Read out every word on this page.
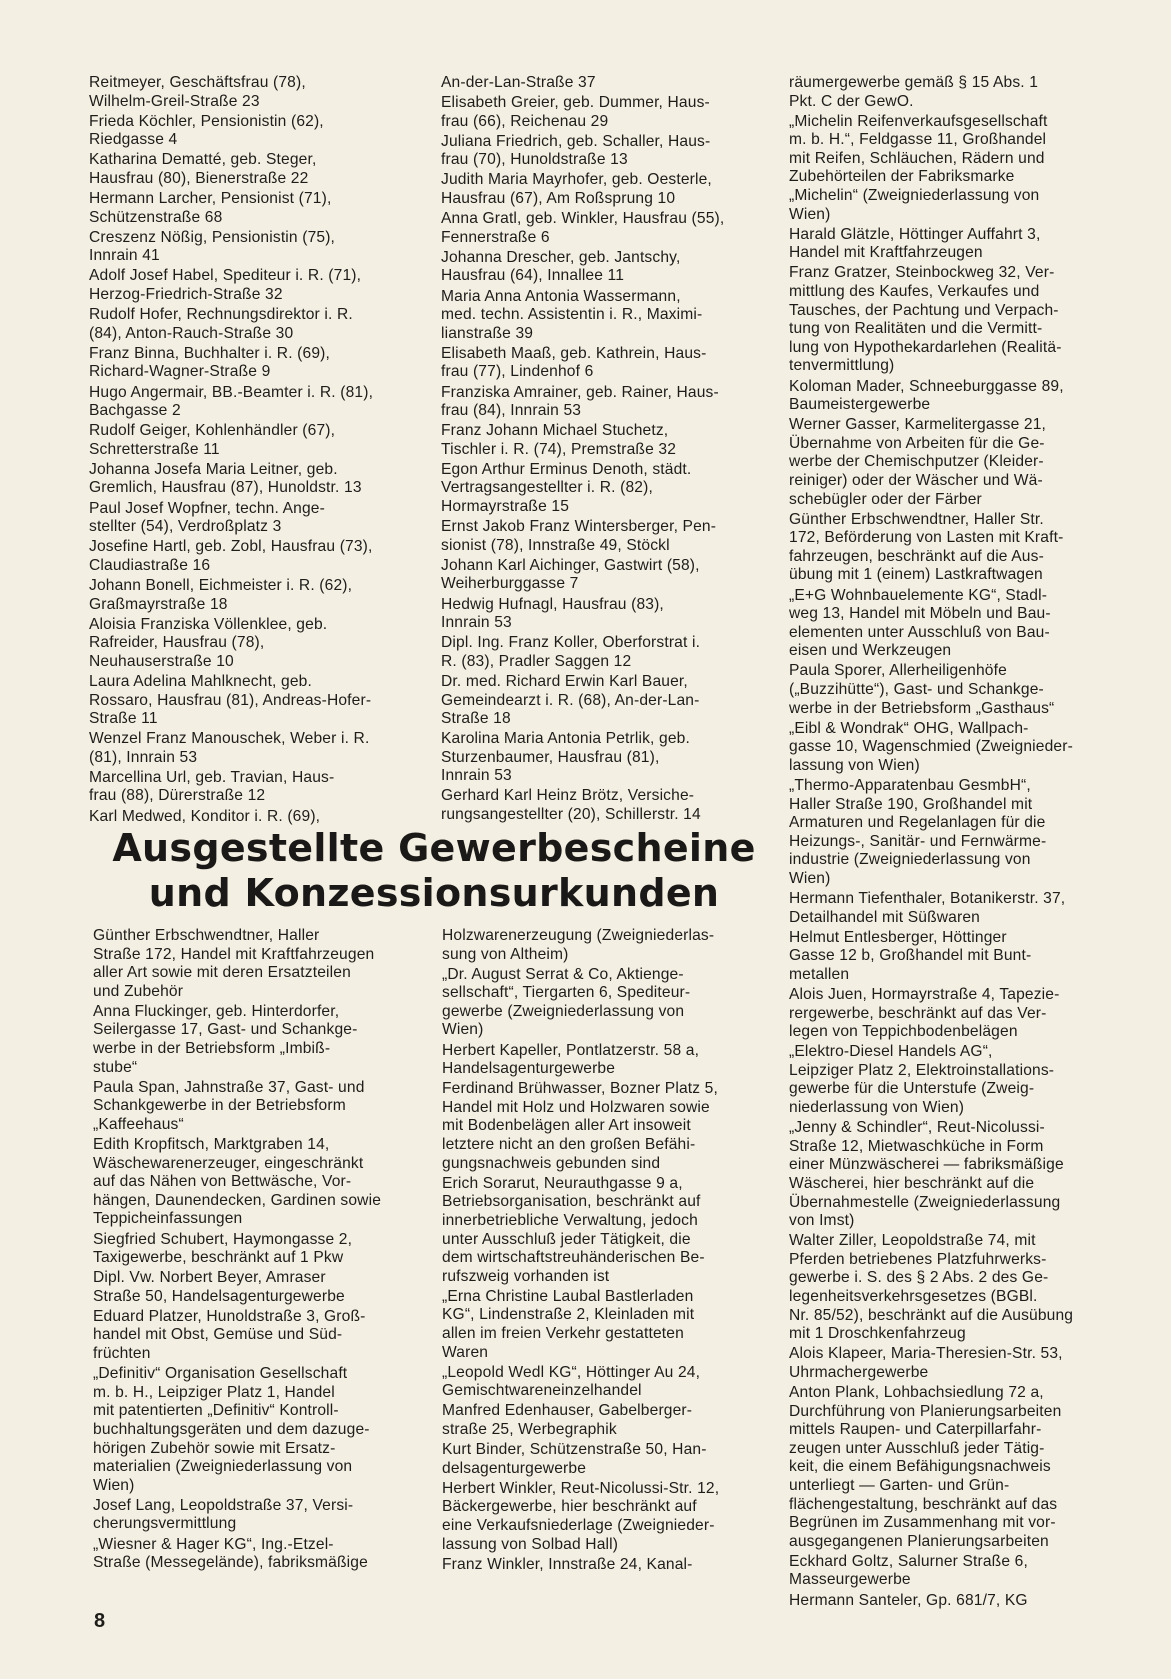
Reitmeyer, Geschäftsfrau (78),
Wilhelm-Greil-Straße 23

Frieda Köchler, Pensionistin (62),
Riedgasse 4

Katharina Dematté, geb. Steger,
Hausfrau (80), Bienerstraße 22

Hermann Larcher, Pensionist (71),
Schützenstraße 68

Creszenz Nößig, Pensionistin (75),
Innrain 41

Adolf Josef Habel, Spediteur i. R. (71),
Herzog-Friedrich-Straße 32

Rudolf Hofer, Rechnungsdirektor i. R.
(84), Anton-Rauch-Straße 30

Franz Binna, Buchhalter i. R. (69),
Richard-Wagner-Straße 9

Hugo Angermair, BB.-Beamter i. R. (81),
Bachgasse 2

Rudolf Geiger, Kohlenhändler (67),
Schretterstraße 11

Johanna Josefa Maria Leitner, geb.
Gremlich, Hausfrau (87), Hunoldstr. 13

Paul Josef Wopfner, techn. Ange-
stellter (54), Verdroßplatz 3

Josefine Hartl, geb. Zobl, Hausfrau (73),
Claudiastraße 16

Johann Bonell, Eichmeister i. R. (62),
Graßmayrstraße 18

Aloisia Franziska Völlenklee, geb.
Rafreider, Hausfrau (78),
Neuhauserstraße 10

Laura Adelina Mahlknecht, geb.
Rossaro, Hausfrau (81), Andreas-Hofer-
Straße 11

Wenzel Franz Manouschek, Weber i. R.
(81), Innrain 53

Marcellina Url, geb. Travian, Haus-
frau (88), Dürerstraße 12

Karl Medwed, Konditor i. R. (69),

An-der-Lan-Straße 37

Elisabeth Greier, geb. Dummer, Haus-
frau (66), Reichenau 29

Juliana Friedrich, geb. Schaller, Haus-
frau (70), Hunoldstraße 13

Judith Maria Mayrhofer, geb. Oesterle,
Hausfrau (67), Am Roßsprung 10

Anna Gratl, geb. Winkler, Hausfrau (55),
Fennerstraße 6

Johanna Drescher, geb. Jantschy,
Hausfrau (64), Innallee 11

Maria Anna Antonia Wassermann,
med. techn. Assistentin i. R., Maximi-
lianstraße 39

Elisabeth Maaß, geb. Kathrein, Haus-
frau (77), Lindenhof 6

Franziska Amrainer, geb. Rainer, Haus-
frau (84), Innrain 53

Franz Johann Michael Stuchetz,
Tischler i. R. (74), Premstraße 32

Egon Arthur Erminus Denoth, städt.
Vertragsangestellter i. R. (82),
Hormayrstraße 15

Ernst Jakob Franz Wintersberger, Pen-
sionist (78), Innstraße 49, Stöckl

Johann Karl Aichinger, Gastwirt (58),
Weiherburggasse 7

Hedwig Hufnagl, Hausfrau (83),
Innrain 53

Dipl. Ing. Franz Koller, Oberforstrat i.
R. (83), Pradler Saggen 12

Dr. med. Richard Erwin Karl Bauer,
Gemeindearzt i. R. (68), An-der-Lan-
Straße 18

Karolina Maria Antonia Petrlik, geb.
Sturzenbaumer, Hausfrau (81),
Innrain 53

Gerhard Karl Heinz Brötz, Versiche-
rungsangestellter (20), Schillerstr. 14

räumergewerbe gemäß § 15 Abs. 1
Pkt. C der GewO.

„Michelin Reifenverkaufsgesellschaft
m. b. H.“, Feldgasse 11, Großhandel
mit Reifen, Schläuchen, Rädern und
Zubehörteilen der Fabriksmarke
„Michelin“ (Zweigniederlassung von
Wien)

Harald Glätzle, Höttinger Auffahrt 3,
Handel mit Kraftfahrzeugen

Franz Gratzer, Steinbockweg 32, Ver-
mittlung des Kaufes, Verkaufes und
Tausches, der Pachtung und Verpach-
tung von Realitäten und die Vermitt-
lung von Hypothekardarlehen (Realitä-
tenvermittlung)

Koloman Mader, Schneeburggasse 89,
Baumeistergewerbe

Werner Gasser, Karmelitergasse 21,
Übernahme von Arbeiten für die Ge-
werbe der Chemischputzer (Kleider-
reiniger) oder der Wäscher und Wä-
schebügler oder der Färber

Günther Erbschwendtner, Haller Str.
172, Beförderung von Lasten mit Kraft-
fahrzeugen, beschränkt auf die Aus-
übung mit 1 (einem) Lastkraftwagen

„E+G Wohnbauelemente KG“, Stadl-
weg 13, Handel mit Möbeln und Bau-
elementen unter Ausschluß von Bau-
eisen und Werkzeugen

Paula Sporer, Allerheiligenhöfe
(„Buzzihütte“), Gast- und Schankge-
werbe in der Betriebsform „Gasthaus“

„Eibl & Wondrak“ OHG, Wallpach-
gasse 10, Wagenschmied (Zweignieder-
lassung von Wien)

„Thermo-Apparatenbau GesmbH“,
Haller Straße 190, Großhandel mit
Armaturen und Regelanlagen für die
Heizungs-, Sanitär- und Fernwärme-
industrie (Zweigniederlassung von
Wien)

Hermann Tiefenthaler, Botanikerstr. 37,
Detailhandel mit Süßwaren

Helmut Entlesberger, Höttinger
Gasse 12 b, Großhandel mit Bunt-
metallen

Alois Juen, Hormayrstraße 4, Tapezie-
rergewerbe, beschränkt auf das Ver-
legen von Teppichbodenbelägen

„Elektro-Diesel Handels AG“,
Leipziger Platz 2, Elektroinstallations-
gewerbe für die Unterstufe (Zweig-
niederlassung von Wien)

„Jenny & Schindler“, Reut-Nicolussi-
Straße 12, Mietwaschküche in Form
einer Münzwäscherei — fabriksmäßige
Wäscherei, hier beschränkt auf die
Übernahmestelle (Zweigniederlassung
von Imst)

Walter Ziller, Leopoldstraße 74, mit
Pferden betriebenes Platzfuhrwerks-
gewerbe i. S. des § 2 Abs. 2 des Ge-
legenheitsverkehrsgesetzes (BGBl.
Nr. 85/52), beschränkt auf die Ausübung
mit 1 Droschkenfahrzeug

Alois Klapeer, Maria-Theresien-Str. 53,
Uhrmachergewerbe

Anton Plank, Lohbachsiedlung 72 a,
Durchführung von Planierungsarbeiten
mittels Raupen- und Caterpillarfahr-
zeugen unter Ausschluß jeder Tätig-
keit, die einem Befähigungsnachweis
unterliegt — Garten- und Grün-
flächengestaltung, beschränkt auf das
Begrünen im Zusammenhang mit vor-
ausgegangenen Planierungsarbeiten

Eckhard Goltz, Salurner Straße 6,
Masseurgewerbe

Hermann Santeler, Gp. 681/7, KG

Ausgestellte Gewerbescheine
und Konzessionsurkunden

Günther Erbschwendtner, Haller
Straße 172, Handel mit Kraftfahrzeugen
aller Art sowie mit deren Ersatzteilen
und Zubehör

Anna Fluckinger, geb. Hinterdorfer,
Seilergasse 17, Gast- und Schankge-
werbe in der Betriebsform „Imbiß-
stube“

Paula Span, Jahnstraße 37, Gast- und
Schankgewerbe in der Betriebsform
„Kaffeehaus“

Edith Kropfitsch, Marktgraben 14,
Wäschewarenerzeuger, eingeschränkt
auf das Nähen von Bettwäsche, Vor-
hängen, Daunendecken, Gardinen sowie
Teppicheinfassungen

Siegfried Schubert, Haymongasse 2,
Taxigewerbe, beschränkt auf 1 Pkw

Dipl. Vw. Norbert Beyer, Amraser
Straße 50, Handelsagenturgewerbe

Eduard Platzer, Hunoldstraße 3, Groß-
handel mit Obst, Gemüse und Süd-
früchten

„Definitiv“ Organisation Gesellschaft
m. b. H., Leipziger Platz 1, Handel
mit patentierten „Definitiv“ Kontroll-
buchhaltungsgeräten und dem dazuge-
hörigen Zubehör sowie mit Ersatz-
materialien (Zweigniederlassung von
Wien)

Josef Lang, Leopoldstraße 37, Versi-
cherungsvermittlung

„Wiesner & Hager KG“, Ing.-Etzel-
Straße (Messegelände), fabriksmäßige

Holzwarenerzeugung (Zweigniederlas-
sung von Altheim)

„Dr. August Serrat & Co, Aktienge-
sellschaft“, Tiergarten 6, Spediteur-
gewerbe (Zweigniederlassung von
Wien)

Herbert Kapeller, Pontlatzerstr. 58 a,
Handelsagenturgewerbe

Ferdinand Brühwasser, Bozner Platz 5,
Handel mit Holz und Holzwaren sowie
mit Bodenbelägen aller Art insoweit
letztere nicht an den großen Befähi-
gungsnachweis gebunden sind

Erich Sorarut, Neurauthgasse 9 a,
Betriebsorganisation, beschränkt auf
innerbetriebliche Verwaltung, jedoch
unter Ausschluß jeder Tätigkeit, die
dem wirtschaftstreuhänderischen Be-
rufszweig vorhanden ist

„Erna Christine Laubal Bastlerladen
KG“, Lindenstraße 2, Kleinladen mit
allen im freien Verkehr gestatteten
Waren

„Leopold Wedl KG“, Höttinger Au 24,
Gemischtwareneinzelhandel

Manfred Edenhauser, Gabelberger-
straße 25, Werbegraphik

Kurt Binder, Schützenstraße 50, Han-
delsagenturgewerbe

Herbert Winkler, Reut-Nicolussi-Str. 12,
Bäckergewerbe, hier beschränkt auf
eine Verkaufsniederlage (Zweignieder-
lassung von Solbad Hall)

Franz Winkler, Innstraße 24, Kanal-

8
